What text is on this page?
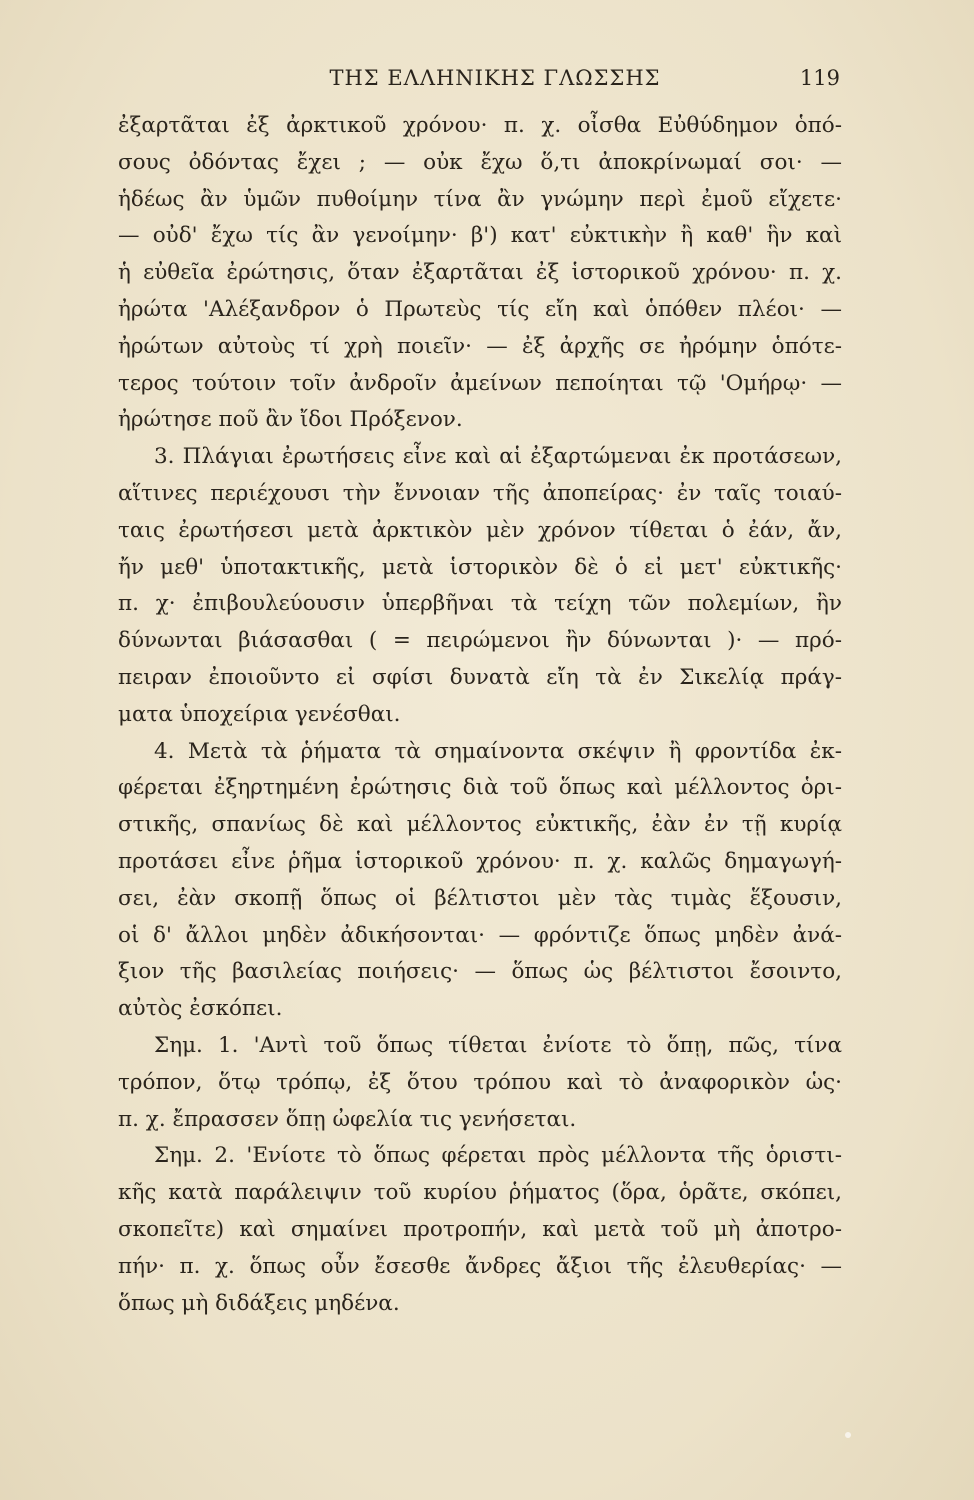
ΤΗΣ ΕΛΛΗΝΙΚΗΣ ΓΛΩΣΣΗΣ	119
ἐξαρτᾶται ἐξ ἀρκτικοῦ χρόνου· π. χ. οἶσθα Εὐθύδημον ὁπό-
σους ὀδόντας ἔχει ; — οὐκ ἔχω ὅ,τι ἀποκρίνωμαί σοι· —
ἡδέως ἂν ὑμῶν πυθοίμην τίνα ἂν γνώμην περὶ ἐμοῦ εἴχετε·
— οὐδ' ἔχω τίς ἂν γενοίμην· β') κατ' εὐκτικὴν ἢ καθ' ἣν καὶ
ἡ εὐθεῖα ἐρώτησις, ὅταν ἐξαρτᾶται ἐξ ἱστορικοῦ χρόνου· π. χ.
ἠρώτα 'Αλέξανδρον ὁ Πρωτεὺς τίς εἴη καὶ ὁπόθεν πλέοι· —
ἠρώτων αὐτοὺς τί χρὴ ποιεῖν· — ἐξ ἀρχῆς σε ἠρόμην ὁπότε-
τερος τούτοιν τοῖν ἀνδροῖν ἀμείνων πεποίηται τῷ 'Ομήρῳ· —
ἠρώτησε ποῦ ἂν ἴδοι Πρόξενον.
3. Πλάγιαι ἐρωτήσεις εἶνε καὶ αἱ ἐξαρτώμεναι ἐκ προτάσεων,
αἵτινες περιέχουσι τὴν ἔννοιαν τῆς ἀποπείρας· ἐν ταῖς τοιαύ-
ταις ἐρωτήσεσι μετὰ ἀρκτικὸν μὲν χρόνον τίθεται ὁ ἐάν, ἄν,
ἤν μεθ' ὑποτακτικῆς, μετὰ ἱστορικὸν δὲ ὁ εἰ μετ' εὐκτικῆς·
π. χ· ἐπιβουλεύουσιν ὑπερβῆναι τὰ τείχη τῶν πολεμίων, ἢν
δύνωνται βιάσασθαι ( = πειρώμενοι ἢν δύνωνται )· — πρό-
πειραν ἐποιοῦντο εἰ σφίσι δυνατὰ εἴη τὰ ἐν Σικελίᾳ πράγ-
ματα ὑποχείρια γενέσθαι.
4. Μετὰ τὰ ῥήματα τὰ σημαίνοντα σκέψιν ἢ φροντίδα ἐκ-
φέρεται ἐξηρτημένη ἐρώτησις διὰ τοῦ ὅπως καὶ μέλλοντος ὁρι-
στικῆς, σπανίως δὲ καὶ μέλλοντος εὐκτικῆς, ἐὰν ἐν τῇ κυρίᾳ
προτάσει εἶνε ῥῆμα ἱστορικοῦ χρόνου· π. χ. καλῶς δημαγωγή-
σει, ἐὰν σκοπῇ ὅπως οἱ βέλτιστοι μὲν τὰς τιμὰς ἕξουσιν,
οἱ δ' ἄλλοι μηδὲν ἀδικήσονται· — φρόντιζε ὅπως μηδὲν ἀνά-
ξιον τῆς βασιλείας ποιήσεις· — ὅπως ὡς βέλτιστοι ἔσοιντο,
αὐτὸς ἐσκόπει.
Σημ. 1. 'Αντὶ τοῦ ὅπως τίθεται ἐνίοτε τὸ ὅπῃ, πῶς, τίνα
τρόπον, ὅτῳ τρόπῳ, ἐξ ὅτου τρόπου καὶ τὸ ἀναφορικὸν ὡς·
π. χ. ἔπρασσεν ὅπῃ ὠφελία τις γενήσεται.
Σημ. 2. 'Ενίοτε τὸ ὅπως φέρεται πρὸς μέλλοντα τῆς ὁριστι-
κῆς κατὰ παράλειψιν τοῦ κυρίου ῥήματος (ὅρα, ὁρᾶτε, σκόπει,
σκοπεῖτε) καὶ σημαίνει προτροπήν, καὶ μετὰ τοῦ μὴ ἀποτρο-
πήν· π. χ. ὅπως οὖν ἔσεσθε ἄνδρες ἄξιοι τῆς ἐλευθερίας· —
ὅπως μὴ διδάξεις μηδένα.
